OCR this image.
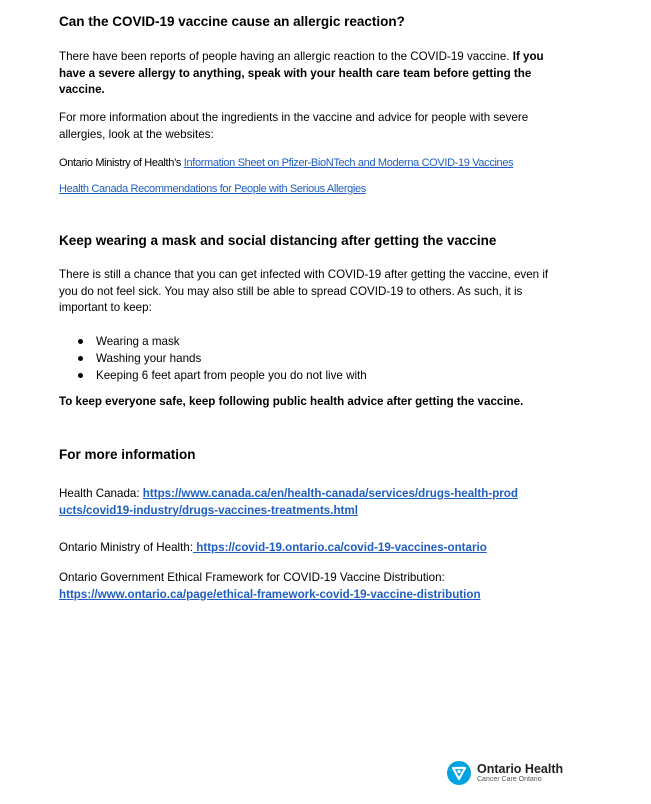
Can the COVID-19 vaccine cause an allergic reaction?

There have been reports of people having an allergic reaction to the COVID-19 vaccine. If you have a severe allergy to anything, speak with your health care team before getting the vaccine.

For more information about the ingredients in the vaccine and advice for people with severe allergies, look at the websites:

Ontario Ministry of Health’s Information Sheet on Pfizer-BioNTech and Moderna COVID-19 Vaccines

Health Canada Recommendations for People with Serious Allergies

Keep wearing a mask and social distancing after getting the vaccine

There is still a chance that you can get infected with COVID-19 after getting the vaccine, even if you do not feel sick. You may also still be able to spread COVID-19 to others. As such, it is important to keep:

Wearing a mask
Washing your hands
Keeping 6 feet apart from people you do not live with

To keep everyone safe, keep following public health advice after getting the vaccine.

For more information

Health Canada: https://www.canada.ca/en/health-canada/services/drugs-health-products/covid19-industry/drugs-vaccines-treatments.html

Ontario Ministry of Health: https://covid-19.ontario.ca/covid-19-vaccines-ontario

Ontario Government Ethical Framework for COVID-19 Vaccine Distribution:
https://www.ontario.ca/page/ethical-framework-covid-19-vaccine-distribution

Ontario Health
Cancer Care Ontario
